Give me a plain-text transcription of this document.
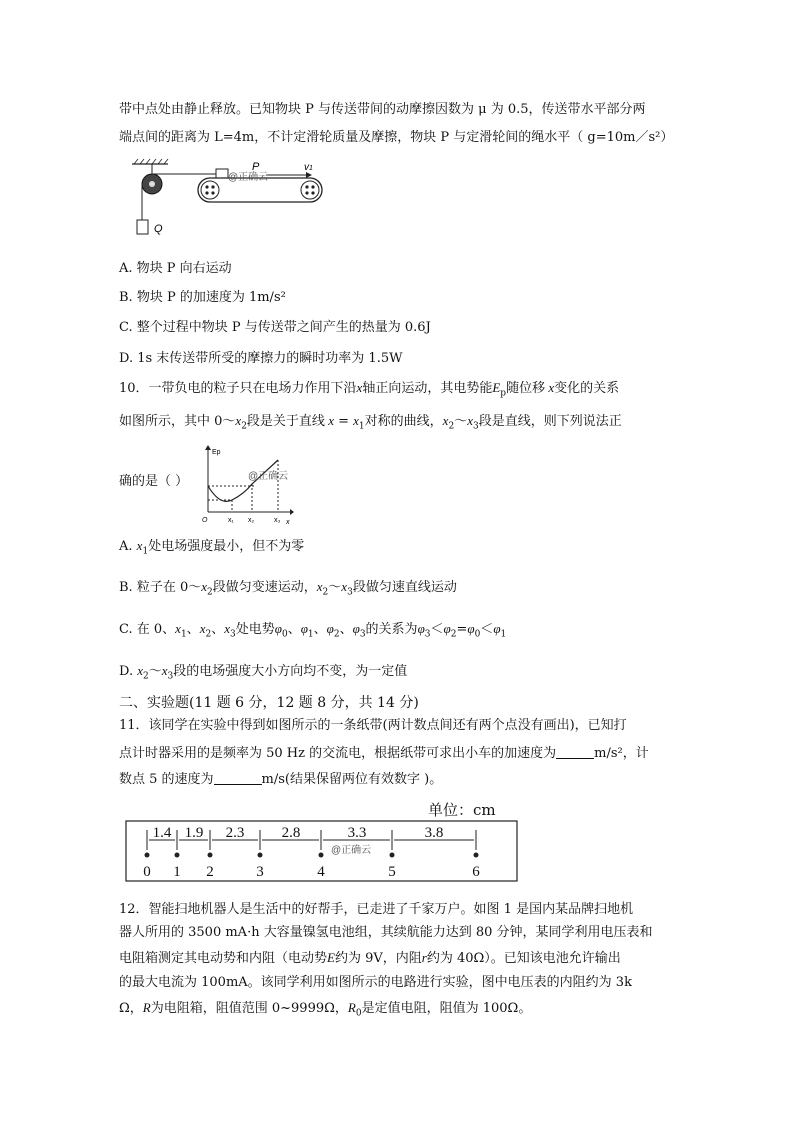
带中点处由静止释放。已知物块 P 与传送带间的动摩擦因数为 μ 为 0.5，传送带水平部分两
端点间的距离为 L=4m，不计定滑轮质量及摩擦，物块 P 与定滑轮间的绳水平（ g=10m／s²）
Q
P	v1
@正确云
A. 物块 P 向右运动
B. 物块 P 的加速度为 1m/s²
C. 整个过程中物块 P 与传送带之间产生的热量为 0.6J
D. 1s 末传送带所受的摩擦力的瞬时功率为 1.5W
10．一带负电的粒子只在电场力作用下沿x轴正向运动，其电势能$E_p$随位移 x变化的关系
如图所示，其中 $0\sim x_2$段是关于直线 $x = x_1$对称的曲线，$x_2\sim x_3$段是直线，则下列说法正
确的是（ ）
Ep
x
O	x₁ x₂	x₃
@正确云
A. $x_1$处电场强度最小，但不为零
B. 粒子在 $0\sim x_2$段做匀变速运动，$x_2\sim x_3$段做匀速直线运动
C. 在 0、$x_1$、$x_2$、$x_3$处电势$\varphi_0$、$\varphi_1$、$\varphi_2$、$\varphi_3$的关系为$\varphi_3<\varphi_2=\varphi_0<\varphi_1$
D. $x_2\sim x_3$段的电场强度大小方向均不变，为一定值
二、实验题(11 题 6 分，12 题 8 分，共 14 分)
11．该同学在实验中得到如图所示的一条纸带(两计数点间还有两个点没有画出)，已知打
点计时器采用的是频率为 50 Hz 的交流电，根据纸带可求出小车的加速度为	m/s²，计
数点 5 的速度为	m/s(结果保留两位有效数字 )。
单位：cm
1.4 1.9 2.3 2.8	3.3	3.8
0 1 2	3	4	5	6
@正确云
12．智能扫地机器人是生活中的好帮手，已走进了千家万户。如图 1 是国内某品牌扫地机
器人所用的 3500 mA·h 大容量镍氢电池组，其续航能力达到 80 分钟，某同学利用电压表和
电阻箱测定其电动势和内阻（电动势E约为 9V，内阻r约为 40Ω）。已知该电池允许输出
的最大电流为 100mA。该同学利用如图所示的电路进行实验，图中电压表的内阻约为 3k
Ω，R为电阻箱，阻值范围 0~9999Ω，$R_0$是定值电阻，阻值为 100Ω。
